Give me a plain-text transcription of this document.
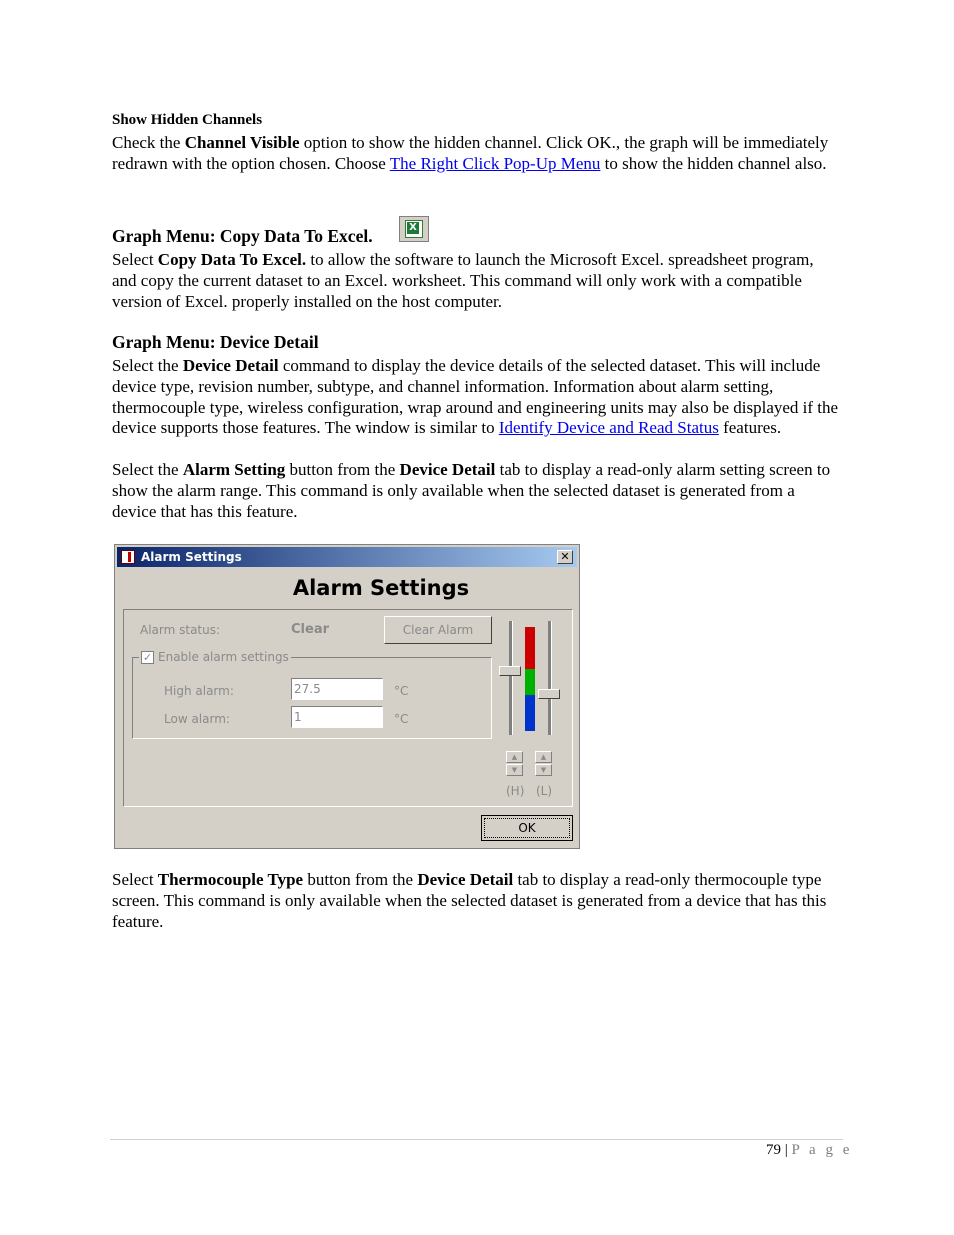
Show Hidden Channels
Check the Channel Visible option to show the hidden channel. Click OK., the graph will be immediately redrawn with the option chosen. Choose The Right Click Pop-Up Menu to show the hidden channel also.
Graph Menu: Copy Data To Excel.	X
Select Copy Data To Excel. to allow the software to launch the Microsoft Excel. spreadsheet program, and copy the current dataset to an Excel. worksheet. This command will only work with a compatible version of Excel. properly installed on the host computer.
Graph Menu: Device Detail
Select the Device Detail command to display the device details of the selected dataset. This will include device type, revision number, subtype, and channel information. Information about alarm setting, thermocouple type, wireless configuration, wrap around and engineering units may also be displayed if the device supports those features. The window is similar to Identify Device and Read Status features.
Select the Alarm Setting button from the Device Detail tab to display a read-only alarm setting screen to show the alarm range. This command is only available when the selected dataset is generated from a device that has this feature.
Alarm Settings	✕
Alarm Settings
Alarm status:	Clear	Clear Alarm
✓ Enable alarm settings
High alarm:	27.5	°C
Low alarm:	1	°C
▲
▼
▲
▼
(H) (L)
OK
Select Thermocouple Type button from the Device Detail tab to display a read-only thermocouple type screen. This command is only available when the selected dataset is generated from a device that has this feature.
79 | P a g e
